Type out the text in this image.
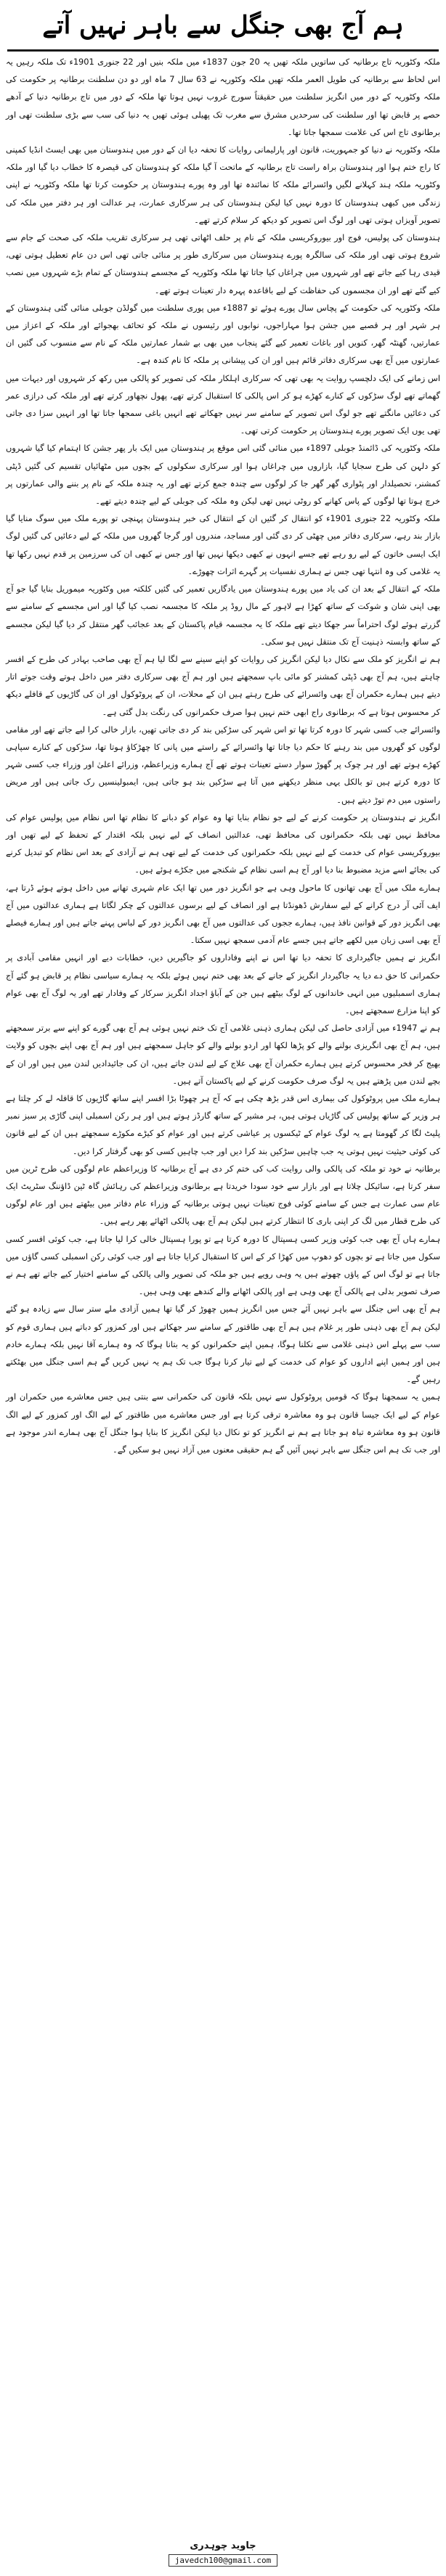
ہم آج بھی جنگل سے باہر نہیں آتے

ملکہ وکٹوریہ تاج برطانیہ کی ساتویں ملکہ تھیں یہ 20 جون 1837ء میں ملکہ بنیں اور 22 جنوری 1901ء تک ملکہ رہیں یہ اس لحاظ سے برطانیہ کی طویل العمر ملکہ تھیں ملکہ وکٹوریہ نے 63 سال 7 ماہ اور دو دن سلطنت برطانیہ پر حکومت کی ملکہ وکٹوریہ کے دور میں انگریز سلطنت میں حقیقتاً سورج غروب نہیں ہوتا تھا ملکہ کے دور میں تاج برطانیہ دنیا کے آدھے حصے پر قابض تھا اور سلطنت کی سرحدیں مشرق سے مغرب تک پھیلی ہوئی تھیں یہ دنیا کی سب سے بڑی سلطنت تھی اور برطانوی تاج اس کی علامت سمجھا جاتا تھا۔

ملکہ وکٹوریہ نے دنیا کو جمہوریت، قانون اور پارلیمانی روایات کا تحفہ دیا ان کے دور میں ہندوستان میں بھی ایسٹ انڈیا کمپنی کا راج ختم ہوا اور ہندوستان براہ راست تاج برطانیہ کے ماتحت آ گیا ملکہ کو ہندوستان کی قیصرہ کا خطاب دیا گیا اور ملکہ وکٹوریہ ملکہ ہند کہلانے لگیں وائسرائے ملکہ کا نمائندہ تھا اور وہ پورے ہندوستان پر حکومت کرتا تھا ملکہ وکٹوریہ نے اپنی زندگی میں کبھی ہندوستان کا دورہ نہیں کیا لیکن ہندوستان کی ہر سرکاری عمارت، ہر عدالت اور ہر دفتر میں ملکہ کی تصویر آویزاں ہوتی تھی اور لوگ اس تصویر کو دیکھ کر سلام کرتے تھے۔

ہندوستان کی پولیس، فوج اور بیوروکریسی ملکہ کے نام پر حلف اٹھاتی تھی ہر سرکاری تقریب ملکہ کی صحت کے جام سے شروع ہوتی تھی اور ملکہ کی سالگرہ پورے ہندوستان میں سرکاری طور پر منائی جاتی تھی اس دن عام تعطیل ہوتی تھی، قیدی رہا کیے جاتے تھے اور شہروں میں چراغاں کیا جاتا تھا ملکہ وکٹوریہ کے مجسمے ہندوستان کے تمام بڑے شہروں میں نصب کیے گئے تھے اور ان مجسموں کی حفاظت کے لیے باقاعدہ پہرہ دار تعینات ہوتے تھے۔

ملکہ وکٹوریہ کی حکومت کے پچاس سال پورے ہوئے تو 1887ء میں پوری سلطنت میں گولڈن جوبلی منائی گئی ہندوستان کے ہر شہر اور ہر قصبے میں جشن ہوا مہاراجوں، نوابوں اور رئیسوں نے ملکہ کو تحائف بھجوائے اور ملکہ کے اعزاز میں عمارتیں، گھنٹہ گھر، کنویں اور باغات تعمیر کیے گئے پنجاب میں بھی بے شمار عمارتیں ملکہ کے نام سے منسوب کی گئیں ان عمارتوں میں آج بھی سرکاری دفاتر قائم ہیں اور ان کی پیشانی پر ملکہ کا نام کندہ ہے۔

اس زمانے کی ایک دلچسپ روایت یہ بھی تھی کہ سرکاری اہلکار ملکہ کی تصویر کو پالکی میں رکھ کر شہروں اور دیہات میں گھماتے تھے لوگ سڑکوں کے کنارے کھڑے ہو کر اس پالکی کا استقبال کرتے تھے، پھول نچھاور کرتے تھے اور ملکہ کی درازی عمر کی دعائیں مانگتے تھے جو لوگ اس تصویر کے سامنے سر نہیں جھکاتے تھے انہیں باغی سمجھا جاتا تھا اور انہیں سزا دی جاتی تھی یوں ایک تصویر پورے ہندوستان پر حکومت کرتی تھی۔

ملکہ وکٹوریہ کی ڈائمنڈ جوبلی 1897ء میں منائی گئی اس موقع پر ہندوستان میں ایک بار پھر جشن کا اہتمام کیا گیا شہروں کو دلہن کی طرح سجایا گیا، بازاروں میں چراغاں ہوا اور سرکاری سکولوں کے بچوں میں مٹھائیاں تقسیم کی گئیں ڈپٹی کمشنر، تحصیلدار اور پٹواری گھر گھر جا کر لوگوں سے چندہ جمع کرتے تھے اور یہ چندہ ملکہ کے نام پر بننے والی عمارتوں پر خرچ ہوتا تھا لوگوں کے پاس کھانے کو روٹی نہیں تھی لیکن وہ ملکہ کی جوبلی کے لیے چندہ دیتے تھے۔

ملکہ وکٹوریہ 22 جنوری 1901ء کو انتقال کر گئیں ان کے انتقال کی خبر ہندوستان پہنچی تو پورے ملک میں سوگ منایا گیا بازار بند رہے، سرکاری دفاتر میں چھٹی کر دی گئی اور مساجد، مندروں اور گرجا گھروں میں ملکہ کے لیے دعائیں کی گئیں لوگ ایک ایسی خاتون کے لیے رو رہے تھے جسے انہوں نے کبھی دیکھا نہیں تھا اور جس نے کبھی ان کی سرزمین پر قدم نہیں رکھا تھا یہ غلامی کی وہ انتہا تھی جس نے ہماری نفسیات پر گہرے اثرات چھوڑے۔

ملکہ کے انتقال کے بعد ان کی یاد میں پورے ہندوستان میں یادگاریں تعمیر کی گئیں کلکتہ میں وکٹوریہ میموریل بنایا گیا جو آج بھی اپنی شان و شوکت کے ساتھ کھڑا ہے لاہور کے مال روڈ پر ملکہ کا مجسمہ نصب کیا گیا اور اس مجسمے کے سامنے سے گزرتے ہوئے لوگ احتراماً سر جھکا دیتے تھے ملکہ کا یہ مجسمہ قیام پاکستان کے بعد عجائب گھر منتقل کر دیا گیا لیکن مجسمے کے ساتھ وابستہ ذہنیت آج تک منتقل نہیں ہو سکی۔

ہم نے انگریز کو ملک سے نکال دیا لیکن انگریز کی روایات کو اپنے سینے سے لگا لیا ہم آج بھی صاحب بہادر کی طرح کے افسر چاہتے ہیں، ہم آج بھی ڈپٹی کمشنر کو مائی باپ سمجھتے ہیں اور ہم آج بھی سرکاری دفتر میں داخل ہوتے وقت جوتے اتار دیتے ہیں ہمارے حکمران آج بھی وائسرائے کی طرح رہتے ہیں ان کے محلات، ان کے پروٹوکول اور ان کی گاڑیوں کے قافلے دیکھ کر محسوس ہوتا ہے کہ برطانوی راج ابھی ختم نہیں ہوا صرف حکمرانوں کی رنگت بدل گئی ہے۔

وائسرائے جب کسی شہر کا دورہ کرتا تھا تو اس شہر کی سڑکیں بند کر دی جاتی تھیں، بازار خالی کرا لیے جاتے تھے اور مقامی لوگوں کو گھروں میں بند رہنے کا حکم دیا جاتا تھا وائسرائے کے راستے میں پانی کا چھڑکاؤ ہوتا تھا، سڑکوں کے کنارے سپاہی کھڑے ہوتے تھے اور ہر چوک پر گھوڑ سوار دستے تعینات ہوتے تھے آج ہمارے وزیراعظم، وزرائے اعلیٰ اور وزراء جب کسی شہر کا دورہ کرتے ہیں تو بالکل یہی منظر دیکھنے میں آتا ہے سڑکیں بند ہو جاتی ہیں، ایمبولینسیں رک جاتی ہیں اور مریض راستوں میں دم توڑ دیتے ہیں۔

انگریز نے ہندوستان پر حکومت کرنے کے لیے جو نظام بنایا تھا وہ عوام کو دبانے کا نظام تھا اس نظام میں پولیس عوام کی محافظ نہیں تھی بلکہ حکمرانوں کی محافظ تھی، عدالتیں انصاف کے لیے نہیں بلکہ اقتدار کے تحفظ کے لیے تھیں اور بیوروکریسی عوام کی خدمت کے لیے نہیں بلکہ حکمرانوں کی خدمت کے لیے تھی ہم نے آزادی کے بعد اس نظام کو تبدیل کرنے کی بجائے اسے مزید مضبوط بنا دیا اور آج ہم اسی نظام کے شکنجے میں جکڑے ہوئے ہیں۔

ہمارے ملک میں آج بھی تھانوں کا ماحول وہی ہے جو انگریز دور میں تھا ایک عام شہری تھانے میں داخل ہوتے ہوئے ڈرتا ہے، ایف آئی آر درج کرانے کے لیے سفارش ڈھونڈتا ہے اور انصاف کے لیے برسوں عدالتوں کے چکر لگاتا ہے ہماری عدالتوں میں آج بھی انگریز دور کے قوانین نافذ ہیں، ہمارے ججوں کی عدالتوں میں آج بھی انگریز دور کے لباس پہنے جاتے ہیں اور ہمارے فیصلے آج بھی اسی زبان میں لکھے جاتے ہیں جسے عام آدمی سمجھ نہیں سکتا۔

انگریز نے ہمیں جاگیرداری کا تحفہ دیا تھا اس نے اپنے وفاداروں کو جاگیریں دیں، خطابات دیے اور انہیں مقامی آبادی پر حکمرانی کا حق دے دیا یہ جاگیردار انگریز کے جانے کے بعد بھی ختم نہیں ہوئے بلکہ یہ ہمارے سیاسی نظام پر قابض ہو گئے آج ہماری اسمبلیوں میں انہی خاندانوں کے لوگ بیٹھے ہیں جن کے آباؤ اجداد انگریز سرکار کے وفادار تھے اور یہ لوگ آج بھی عوام کو اپنا مزارع سمجھتے ہیں۔

ہم نے 1947ء میں آزادی حاصل کی لیکن ہماری ذہنی غلامی آج تک ختم نہیں ہوئی ہم آج بھی گورے کو اپنے سے برتر سمجھتے ہیں، ہم آج بھی انگریزی بولنے والے کو پڑھا لکھا اور اردو بولنے والے کو جاہل سمجھتے ہیں اور ہم آج بھی اپنے بچوں کو ولایت بھیج کر فخر محسوس کرتے ہیں ہمارے حکمران آج بھی علاج کے لیے لندن جاتے ہیں، ان کی جائیدادیں لندن میں ہیں اور ان کے بچے لندن میں پڑھتے ہیں یہ لوگ صرف حکومت کرنے کے لیے پاکستان آتے ہیں۔

ہمارے ملک میں پروٹوکول کی بیماری اس قدر بڑھ چکی ہے کہ آج ہر چھوٹا بڑا افسر اپنے ساتھ گاڑیوں کا قافلہ لے کر چلتا ہے ہر وزیر کے ساتھ پولیس کی گاڑیاں ہوتی ہیں، ہر مشیر کے ساتھ گارڈز ہوتے ہیں اور ہر رکن اسمبلی اپنی گاڑی پر سبز نمبر پلیٹ لگا کر گھومتا ہے یہ لوگ عوام کے ٹیکسوں پر عیاشی کرتے ہیں اور عوام کو کیڑے مکوڑے سمجھتے ہیں ان کے لیے قانون کی کوئی حیثیت نہیں ہوتی یہ جب چاہیں سڑکیں بند کرا دیں اور جب چاہیں کسی کو بھی گرفتار کرا دیں۔

برطانیہ نے خود تو ملکہ کی پالکی والی روایت کب کی ختم کر دی ہے آج برطانیہ کا وزیراعظم عام لوگوں کی طرح ٹرین میں سفر کرتا ہے، سائیکل چلاتا ہے اور بازار سے خود سودا خریدتا ہے برطانوی وزیراعظم کی رہائش گاہ ٹین ڈاؤننگ سٹریٹ ایک عام سی عمارت ہے جس کے سامنے کوئی فوج تعینات نہیں ہوتی برطانیہ کے وزراء عام دفاتر میں بیٹھتے ہیں اور عام لوگوں کی طرح قطار میں لگ کر اپنی باری کا انتظار کرتے ہیں لیکن ہم آج بھی پالکی اٹھائے پھر رہے ہیں۔

ہمارے ہاں آج بھی جب کوئی وزیر کسی ہسپتال کا دورہ کرتا ہے تو پورا ہسپتال خالی کرا لیا جاتا ہے، جب کوئی افسر کسی سکول میں جاتا ہے تو بچوں کو دھوپ میں کھڑا کر کے اس کا استقبال کرایا جاتا ہے اور جب کوئی رکن اسمبلی کسی گاؤں میں جاتا ہے تو لوگ اس کے پاؤں چھوتے ہیں یہ وہی رویے ہیں جو ملکہ کی تصویر والی پالکی کے سامنے اختیار کیے جاتے تھے ہم نے صرف تصویر بدلی ہے پالکی آج بھی وہی ہے اور پالکی اٹھانے والے کندھے بھی وہی ہیں۔

ہم آج بھی اس جنگل سے باہر نہیں آئے جس میں انگریز ہمیں چھوڑ کر گیا تھا ہمیں آزادی ملے ستر سال سے زیادہ ہو گئے لیکن ہم آج بھی ذہنی طور پر غلام ہیں ہم آج بھی طاقتور کے سامنے سر جھکاتے ہیں اور کمزور کو دباتے ہیں ہماری قوم کو سب سے پہلے اس ذہنی غلامی سے نکلنا ہوگا، ہمیں اپنے حکمرانوں کو یہ بتانا ہوگا کہ وہ ہمارے آقا نہیں بلکہ ہمارے خادم ہیں اور ہمیں اپنے اداروں کو عوام کی خدمت کے لیے تیار کرنا ہوگا جب تک ہم یہ نہیں کریں گے ہم اسی جنگل میں بھٹکتے رہیں گے۔

ہمیں یہ سمجھنا ہوگا کہ قومیں پروٹوکول سے نہیں بلکہ قانون کی حکمرانی سے بنتی ہیں جس معاشرے میں حکمران اور عوام کے لیے ایک جیسا قانون ہو وہ معاشرہ ترقی کرتا ہے اور جس معاشرے میں طاقتور کے لیے الگ اور کمزور کے لیے الگ قانون ہو وہ معاشرہ تباہ ہو جاتا ہے ہم نے انگریز کو تو نکال دیا لیکن انگریز کا بنایا ہوا جنگل آج بھی ہمارے اندر موجود ہے اور جب تک ہم اس جنگل سے باہر نہیں آئیں گے ہم حقیقی معنوں میں آزاد نہیں ہو سکیں گے۔

جاوید چوہدری
javedch100@gmail.com
